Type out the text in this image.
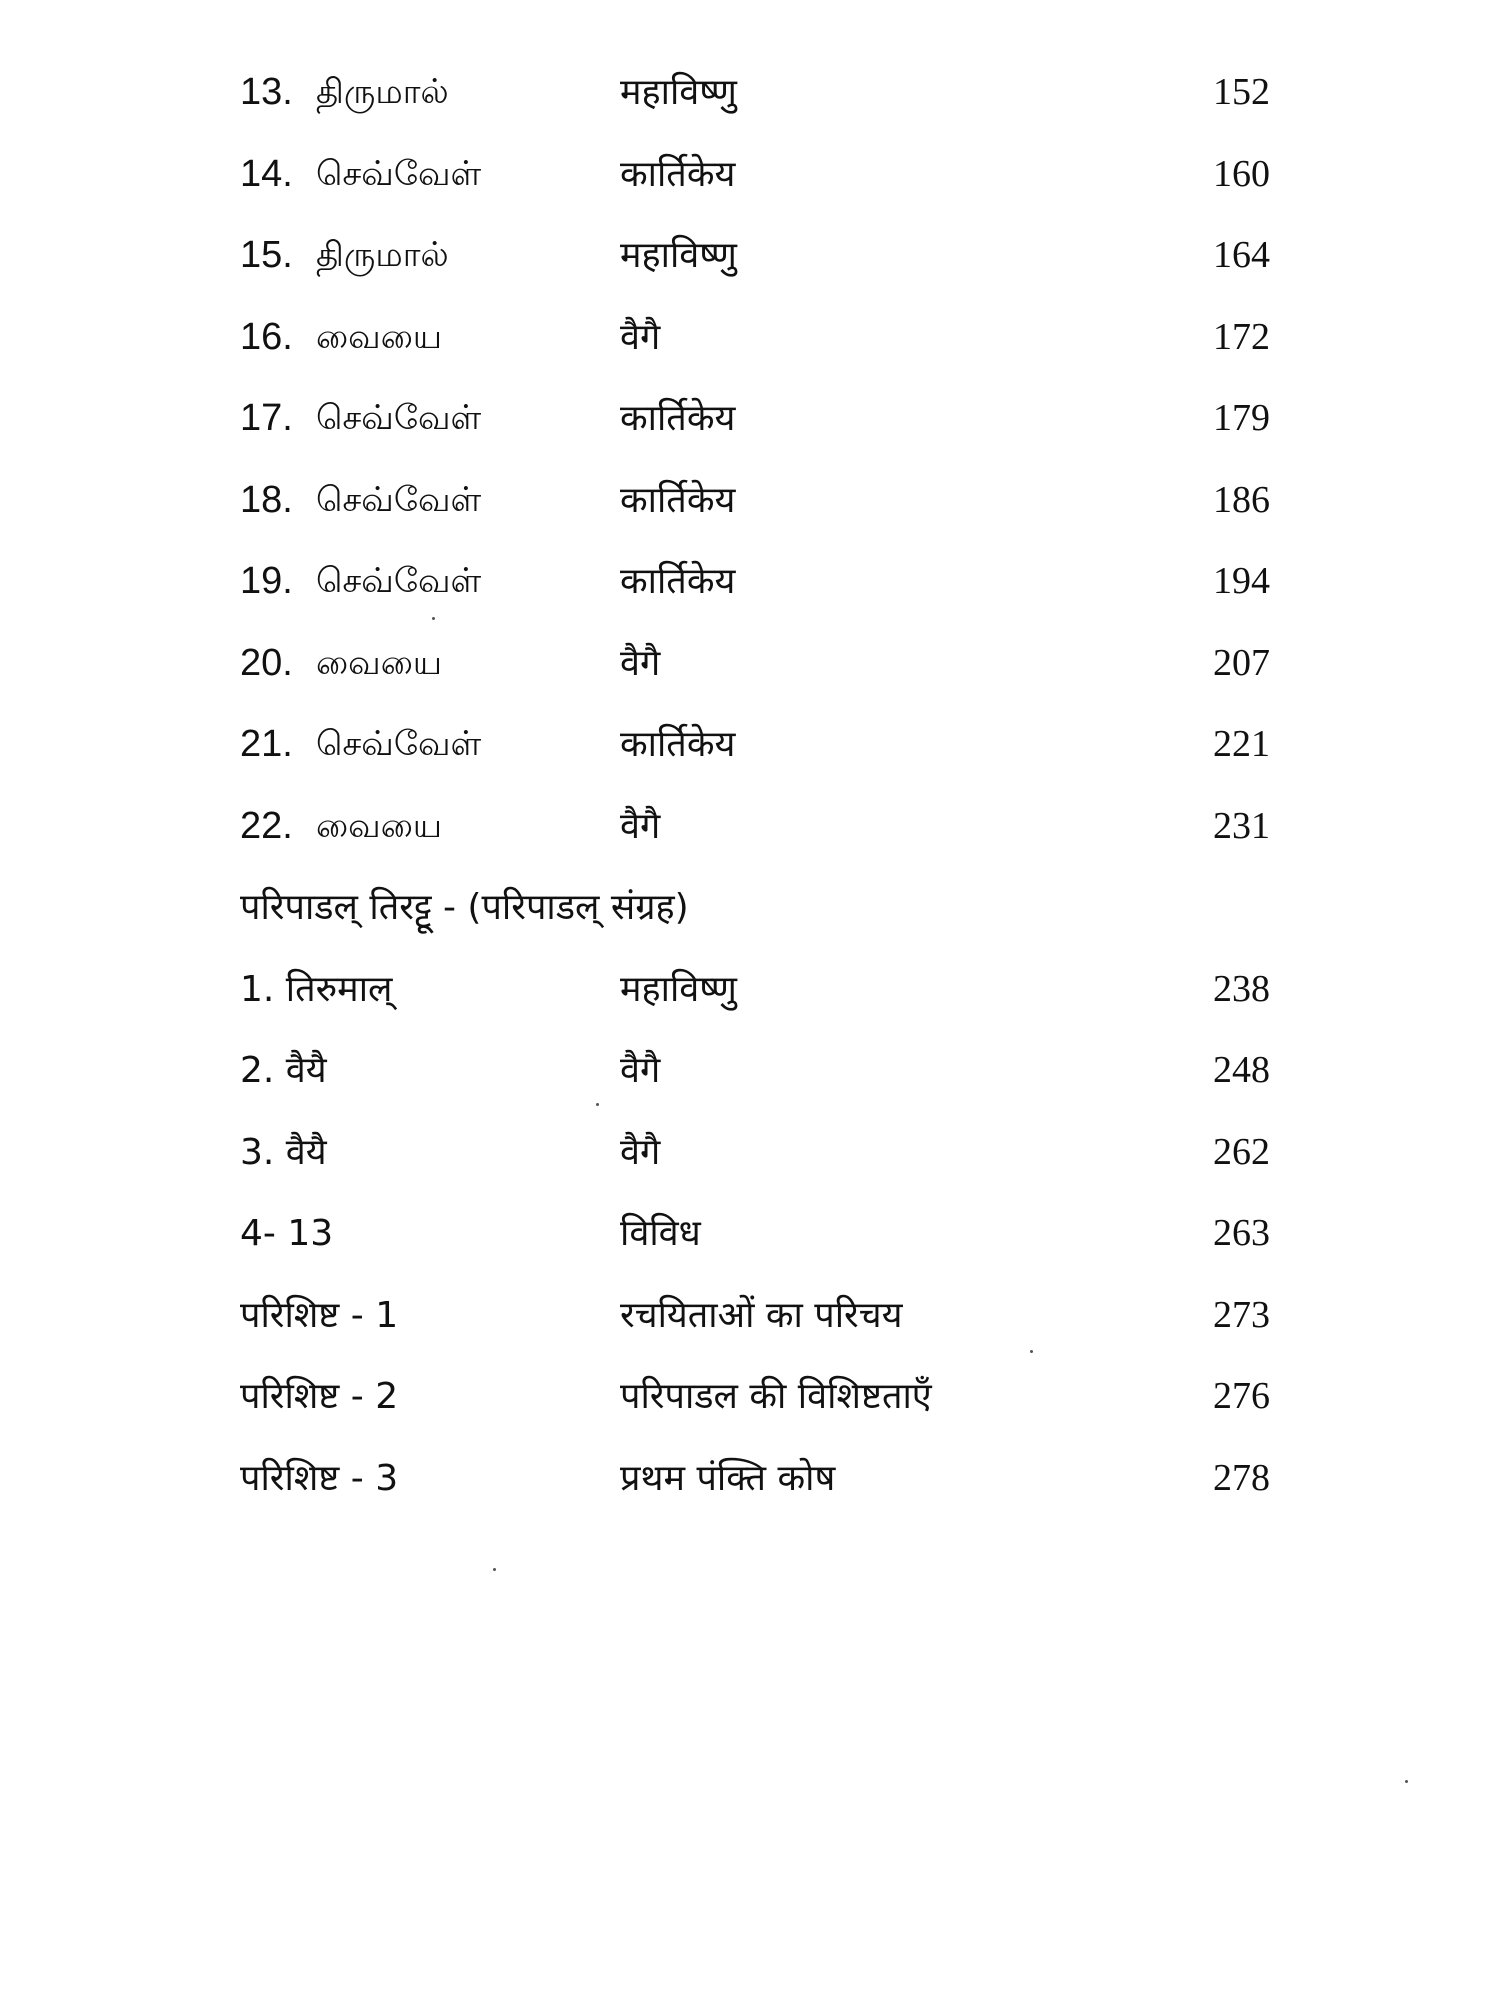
13. திருமால்	महाविष्णु	152
14. செவ்வேள்	कार्तिकेय	160
15. திருமால்	महाविष्णु	164
16. வையை	वैगै	172
17. செவ்வேள்	कार्तिकेय	179
18. செவ்வேள்	कार्तिकेय	186
19. செவ்வேள்	कार्तिकेय	194
20. வையை	वैगै	207
21. செவ்வேள்	कार्तिकेय	221
22. வையை	वैगै	231
परिपाडल् तिरट्टू - (परिपाडल् संग्रह)
1. तिरुमाल्	महाविष्णु	238
2. वैयै	वैगै	248
3. वैयै	वैगै	262
4- 13	विविध	263
परिशिष्ट - 1	रचयिताओं का परिचय	273
परिशिष्ट - 2	परिपाडल की विशिष्टताएँ	276
परिशिष्ट - 3	प्रथम पंक्ति कोष	278
